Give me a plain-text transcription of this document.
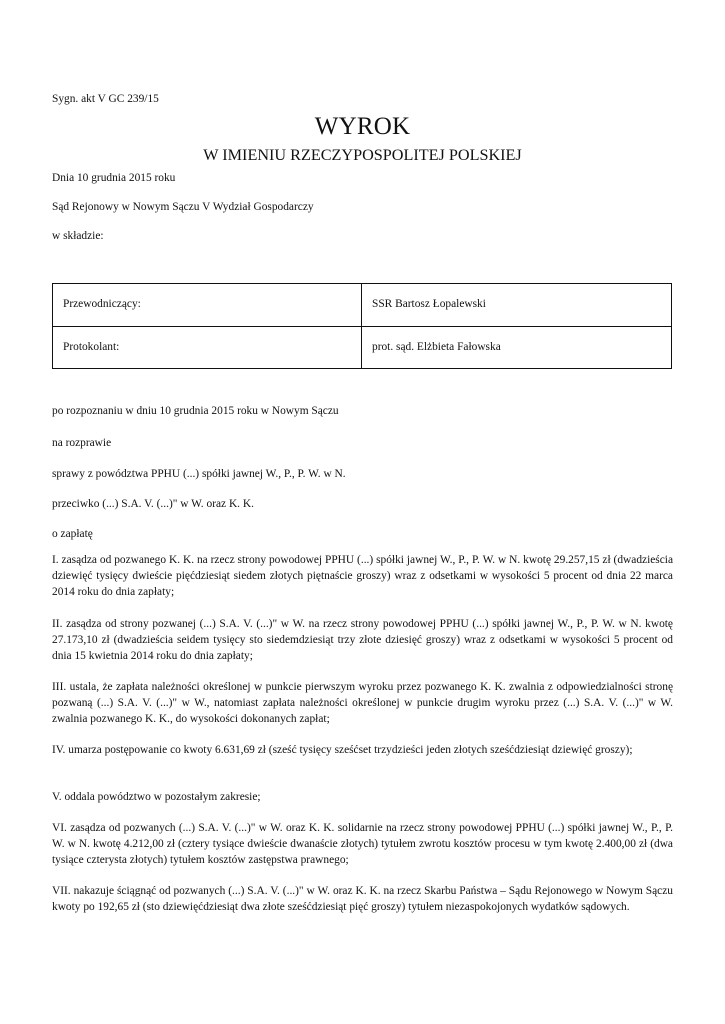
Sygn. akt V GC 239/15
WYROK
W IMIENIU RZECZYPOSPOLITEJ POLSKIEJ
Dnia 10 grudnia 2015 roku
Sąd Rejonowy w Nowym Sączu V Wydział Gospodarczy
w składzie:
Przewodniczący:	SSR Bartosz Łopalewski
Protokolant:	prot. sąd. Elżbieta Fałowska
po rozpoznaniu w dniu 10 grudnia 2015 roku w Nowym Sączu
na rozprawie
sprawy z powództwa PPHU (...) spółki jawnej W., P., P. W. w N.
przeciwko (...) S.A. V. (...)" w W. oraz K. K.
o zapłatę
I. zasądza od pozwanego K. K. na rzecz strony powodowej PPHU (...) spółki jawnej W., P., P. W. w N. kwotę 29.257,15 zł (dwadzieścia dziewięć tysięcy dwieście pięćdziesiąt siedem złotych piętnaście groszy) wraz z odsetkami w wysokości 5 procent od dnia 22 marca 2014 roku do dnia zapłaty;
II. zasądza od strony pozwanej (...) S.A. V. (...)" w W. na rzecz strony powodowej PPHU (...) spółki jawnej W., P., P. W. w N. kwotę 27.173,10 zł (dwadzieścia seidem tysięcy sto siedemdziesiąt trzy złote dziesięć groszy) wraz z odsetkami w wysokości 5 procent od dnia 15 kwietnia 2014 roku do dnia zapłaty;
III. ustala, że zapłata należności określonej w punkcie pierwszym wyroku przez pozwanego K. K. zwalnia z odpowiedzialności stronę pozwaną (...) S.A. V. (...)" w W., natomiast zapłata należności określonej w punkcie drugim wyroku przez (...) S.A. V. (...)" w W. zwalnia pozwanego K. K., do wysokości dokonanych zapłat;
IV. umarza postępowanie co kwoty 6.631,69 zł (sześć tysięcy sześćset trzydzieści jeden złotych sześćdziesiąt dziewięć groszy);
V. oddala powództwo w pozostałym zakresie;
VI. zasądza od pozwanych (...) S.A. V. (...)" w W. oraz K. K. solidarnie na rzecz strony powodowej PPHU (...) spółki jawnej W., P., P. W. w N. kwotę 4.212,00 zł (cztery tysiące dwieście dwanaście złotych) tytułem zwrotu kosztów procesu w tym kwotę 2.400,00 zł (dwa tysiące czterysta złotych) tytułem kosztów zastępstwa prawnego;
VII. nakazuje ściągnąć od pozwanych (...) S.A. V. (...)" w W. oraz K. K. na rzecz Skarbu Państwa – Sądu Rejonowego w Nowym Sączu kwoty po 192,65 zł (sto dziewięćdziesiąt dwa złote sześćdziesiąt pięć groszy) tytułem niezaspokojonych wydatków sądowych.
